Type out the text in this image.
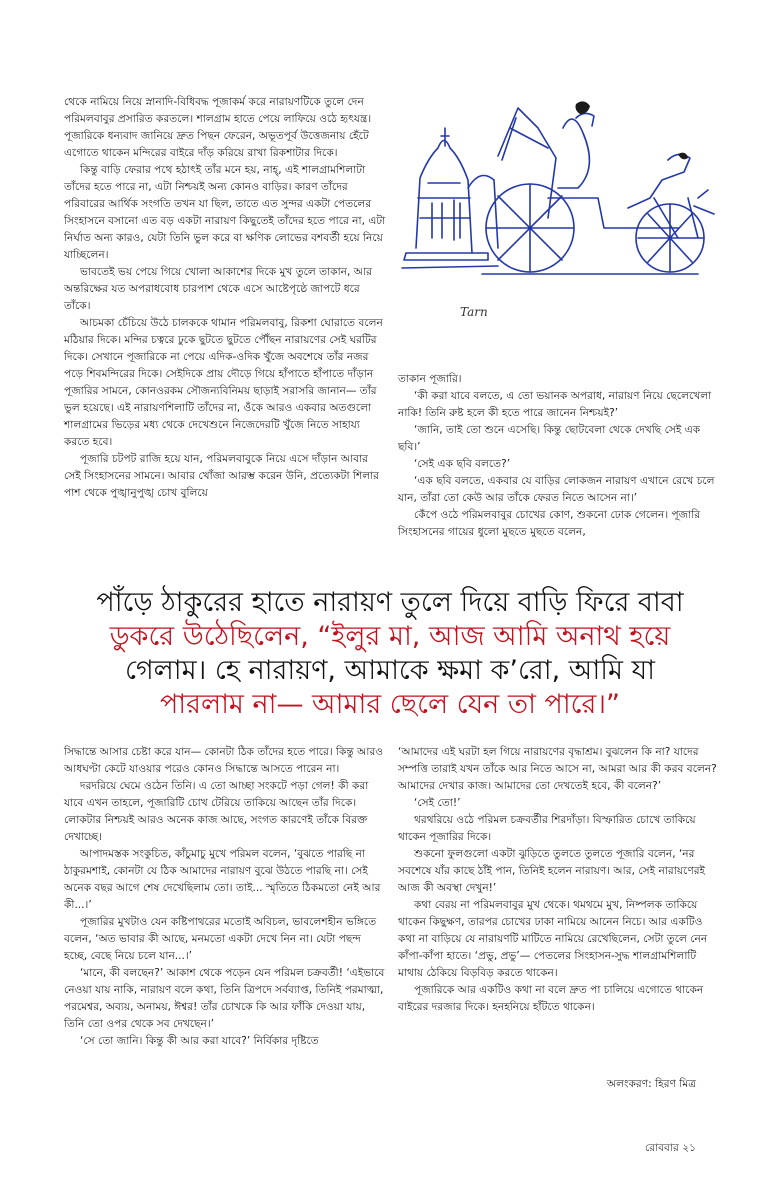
থেকে নামিয়ে নিয়ে স্নানাদি-বিধিবদ্ধ পূজাকর্ম করে নারায়ণটিকে তুলে দেন পরিমলবাবুর প্রসারিত করতলে। শালগ্রাম হাতে পেয়ে লাফিয়ে ওঠে হৃৎযন্ত্র। পূজারিকে ধন্যবাদ জানিয়ে দ্রুত পিছন ফেরেন, অভূতপূর্ব উত্তেজনায় হেঁটে এগোতে থাকেন মন্দিরের বাইরে দাঁড় করিয়ে রাখা রিকশাটার দিকে।

কিন্তু বাড়ি ফেরার পথে হঠাৎই তাঁর মনে হয়, নাহ্, এই শালগ্রামশিলাটা তাঁদের হতে পারে না, এটা নিশ্চয়ই অন্য কোনও বাড়ির। কারণ তাঁদের পরিবারের আর্থিক সংগতি তখন যা ছিল, তাতে এত সুন্দর একটা পেতলের সিংহাসনে বসানো এত বড় একটা নারায়ণ কিছুতেই তাঁদের হতে পারে না, এটা নির্ঘাত অন্য কারও, যেটা তিনি ভুল করে বা ক্ষণিক লোভের বশবর্তী হয়ে নিয়ে যাচ্ছিলেন।

ভাবতেই ভয় পেয়ে গিয়ে খোলা আকাশের দিকে মুখ তুলে তাকান, আর অন্তরিক্ষের যত অপরাধবোধ চারপাশ থেকে এসে আষ্টেপৃষ্ঠে জাপটে ধরে তাঁকে।

আচমকা চেঁচিয়ে উঠে চালককে থামান পরিমলবাবু, রিকশা ঘোরাতে বলেন মঠিয়ার দিকে। মন্দির চত্বরে ঢুকে ছুটতে ছুটতে পৌঁছন নারায়ণের সেই ঘরটির দিকে। সেখানে পূজারিকে না পেয়ে এদিক-ওদিক খুঁজে অবশেষে তাঁর নজর পড়ে শিবমন্দিরের দিকে। সেইদিকে প্রায় দৌড়ে গিয়ে হাঁপাতে হাঁপাতে দাঁড়ান পূজারির সামনে, কোনওরকম সৌজন্যবিনিময় ছাড়াই সরাসরি জানান— তাঁর ভুল হয়েছে। এই নারায়ণশিলাটি তাঁদের না, ওঁকে আরও একবার অতগুলো শালগ্রামের ভিড়ের মধ্য থেকে দেখেশুনে নিজেদেরটি খুঁজে নিতে সাহায্য করতে হবে।

পূজারি চটপট রাজি হয়ে যান, পরিমলবাবুকে নিয়ে এসে দাঁড়ান আবার সেই সিংহাসনের সামনে। আবার খোঁজা আরম্ভ করেন উনি, প্রত্যেকটা শিলার পাশ থেকে পুঙ্খানুপুঙ্খ চোখ বুলিয়ে

Tarn

তাকান পূজারি।

‘কী করা যাবে বলতে, এ তো ভয়ানক অপরাধ, নারায়ণ নিয়ে ছেলেখেলা নাকি! তিনি রুষ্ট হলে কী হতে পারে জানেন নিশ্চয়ই?’

‘জানি, তাই তো শুনে এসেছি। কিন্তু ছোটবেলা থেকে দেখছি সেই এক ছবি।’

‘সেই এক ছবি বলতে?’

‘এক ছবি বলতে, একবার যে বাড়ির লোকজন নারায়ণ এখানে রেখে চলে যান, তাঁরা তো কেউ আর তাঁকে ফেরত নিতে আসেন না।’

কেঁপে ওঠে পরিমলবাবুর চোখের কোণ, শুকনো ঢোক গেলেন। পূজারি সিংহাসনের গায়ের ধুলো মুছতে মুছতে বলেন,

পাঁড়ে ঠাকুরের হাতে নারায়ণ তুলে দিয়ে বাড়ি ফিরে বাবা
ডুকরে উঠেছিলেন, “ইলুর মা, আজ আমি অনাথ হয়ে
গেলাম। হে নারায়ণ, আমাকে ক্ষমা ক’রো, আমি যা
পারলাম না— আমার ছেলে যেন তা পারে।”

সিদ্ধান্তে আসার চেষ্টা করে যান— কোনটা ঠিক তাঁদের হতে পারে। কিন্তু আরও আধঘণ্টা কেটে যাওয়ার পরেও কোনও সিদ্ধান্তে আসতে পারেন না।

দরদরিয়ে ঘেমে ওঠেন তিনি। এ তো আচ্ছা সংকটে পড়া গেল! কী করা যাবে এখন তাহলে, পূজারিটি চোখ টেরিয়ে তাকিয়ে আছেন তাঁর দিকে। লোকটার নিশ্চয়ই আরও অনেক কাজ আছে, সংগত কারণেই তাঁকে বিরক্ত দেখাচ্ছে।

আপাদমস্তক সংকুচিত, কাঁচুমাচু মুখে পরিমল বলেন, ‘বুঝতে পারছি না ঠাকুরমশাই, কোনটা যে ঠিক আমাদের নারায়ণ বুঝে উঠতে পারছি না। সেই অনেক বছর আগে শেষ দেখেছিলাম তো। তাই... স্মৃতিতে ঠিকমতো নেই আর কী...।’

পূজারির মুখটাও যেন কষ্টিপাথরের মতোই অবিচল, ভাবলেশহীন ভঙ্গিতে বলেন, ‘অত ভাবার কী আছে, মনমতো একটা দেখে নিন না। যেটা পছন্দ হচ্ছে, বেছে নিয়ে চলে যান...।’

‘মানে, কী বলছেন?’ আকাশ থেকে পড়েন যেন পরিমল চক্রবর্তী! ‘এইভাবে নেওয়া যায় নাকি, নারায়ণ বলে কথা, তিনি ত্রিপদে সর্বব্যাপ্ত, তিনিই পরমাত্মা, পরমেশ্বর, অব্যয়, অনাময়, ঈশ্বর! তাঁর চোখকে কি আর ফাঁকি দেওয়া যায়, তিনি তো ওপর থেকে সব দেখছেন।’

‘সে তো জানি। কিন্তু কী আর করা যাবে?’ নির্বিকার দৃষ্টিতে

‘আমাদের এই ঘরটা হল গিয়ে নারায়ণের বৃদ্ধাশ্রম। বুঝলেন কি না? যাদের সম্পত্তি তারাই যখন তাঁকে আর নিতে আসে না, আমরা আর কী করব বলেন? আমাদের দেখার কাজ। আমাদের তো দেখতেই হবে, কী বলেন?’

‘সেই তো!’

থরথরিয়ে ওঠে পরিমল চক্রবর্তীর শিরদাঁড়া। বিস্ফারিত চোখে তাকিয়ে থাকেন পূজারির দিকে।

শুকনো ফুলগুলো একটা ঝুড়িতে তুলতে তুলতে পূজারি বলেন, ‘নর সবশেষে যাঁর কাছে ঠাঁই পান, তিনিই হলেন নারায়ণ। আর, সেই নারায়ণেরই আজ কী অবস্থা দেখুন!’

কথা বেরয় না পরিমলবাবুর মুখ থেকে। থমথমে মুখ, নিষ্পলক তাকিয়ে থাকেন কিছুক্ষণ, তারপর চোখের ঢাকা নামিয়ে আনেন নিচে। আর একটিও কথা না বাড়িয়ে যে নারায়ণটি মাটিতে নামিয়ে রেখেছিলেন, সেটা তুলে নেন কাঁপা-কাঁপা হাতে। ‘প্রভু, প্রভু’— পেতলের সিংহাসন-সুদ্ধ শালগ্রামশিলাটি মাথায় ঠেকিয়ে বিড়বিড় করতে থাকেন।

পূজারিকে আর একটিও কথা না বলে দ্রুত পা চালিয়ে এগোতে থাকেন বাইরের দরজার দিকে। হনহনিয়ে হাঁটতে থাকেন।

অলংকরণ: হিরণ মিত্র
রোববার ২১
